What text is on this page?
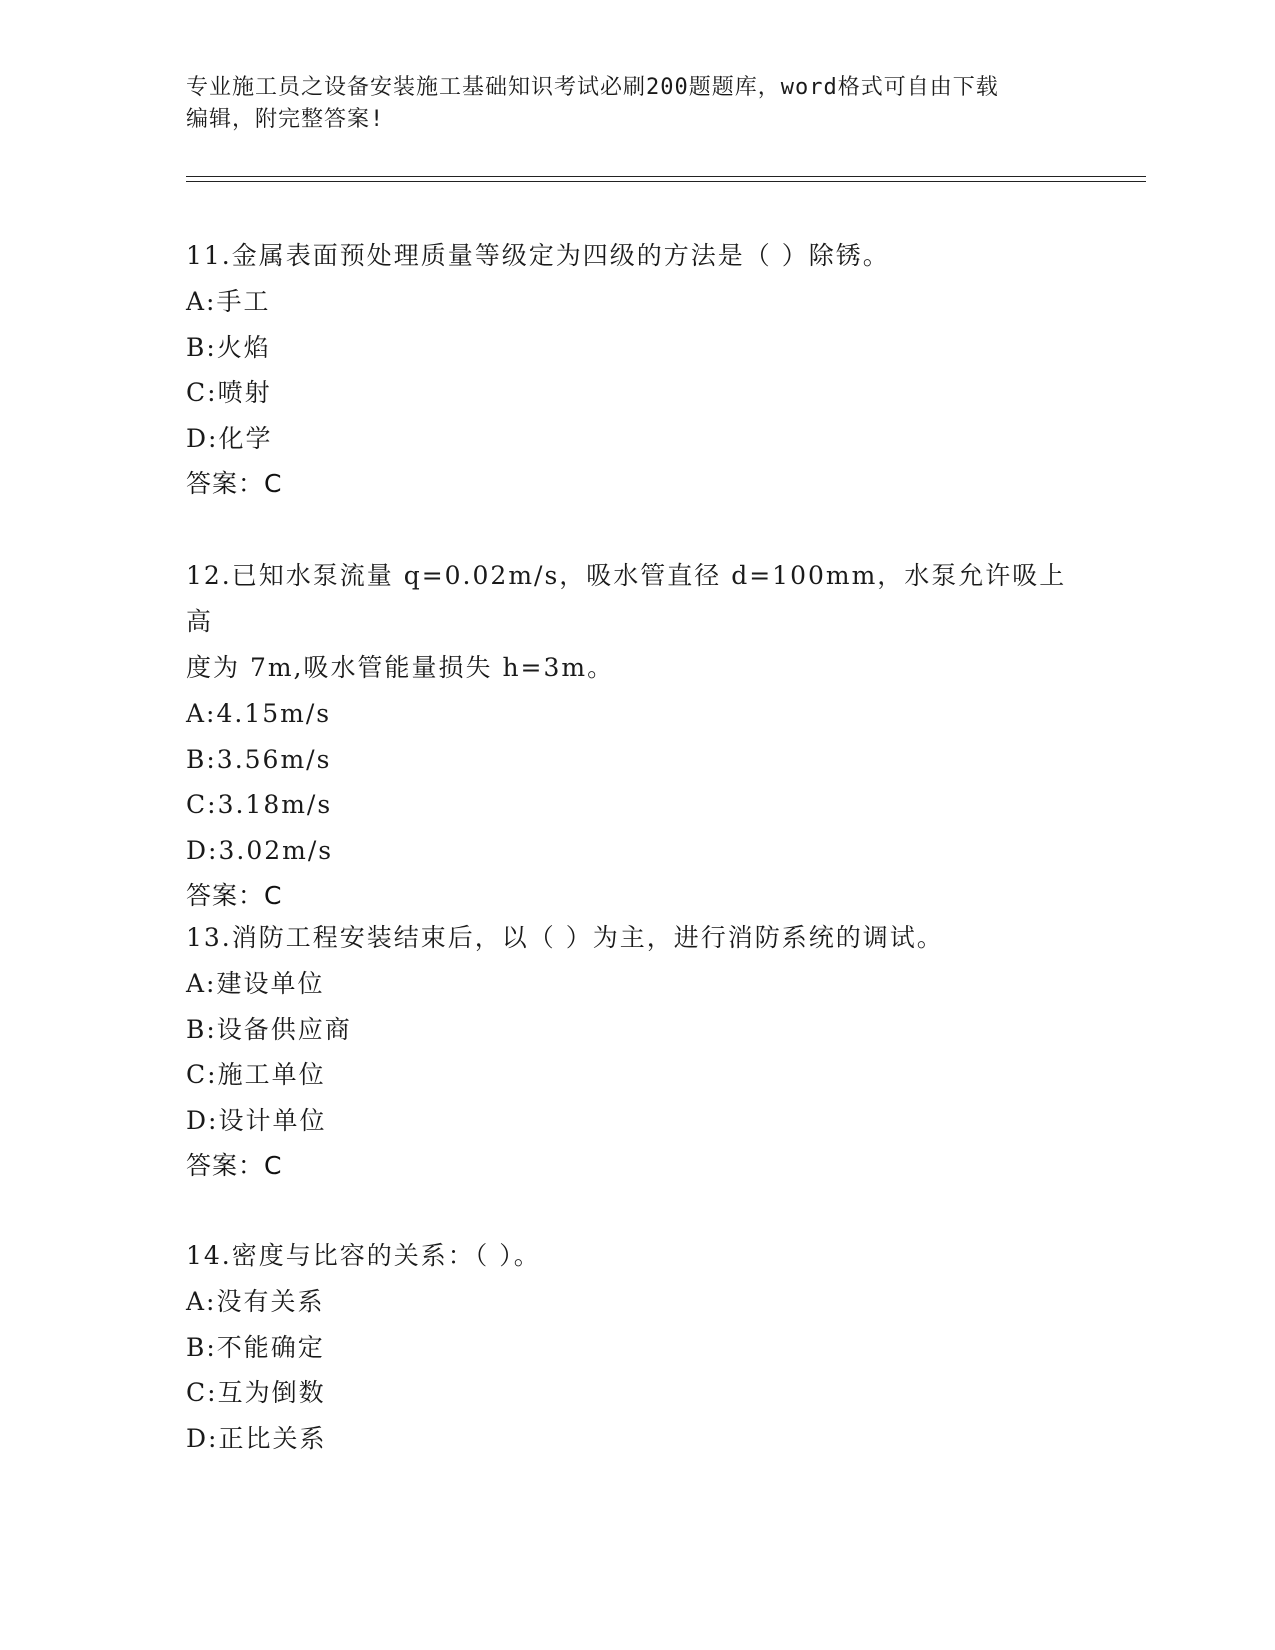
专业施工员之设备安装施工基础知识考试必刷200题题库，word格式可自由下载
编辑，附完整答案!

11.金属表面预处理质量等级定为四级的方法是（ ）除锈。

A:手工

B:火焰

C:喷射

D:化学

答案：C

12.已知水泵流量 q=0.02m/s，吸水管直径 d=100mm，水泵允许吸上高

度为 7m,吸水管能量损失 h=3m。

A:4.15m/s

B:3.56m/s

C:3.18m/s

D:3.02m/s

答案：C

13.消防工程安装结束后，以（ ）为主，进行消防系统的调试。

A:建设单位

B:设备供应商

C:施工单位

D:设计单位

答案：C

14.密度与比容的关系：（ ）。

A:没有关系

B:不能确定

C:互为倒数

D:正比关系
